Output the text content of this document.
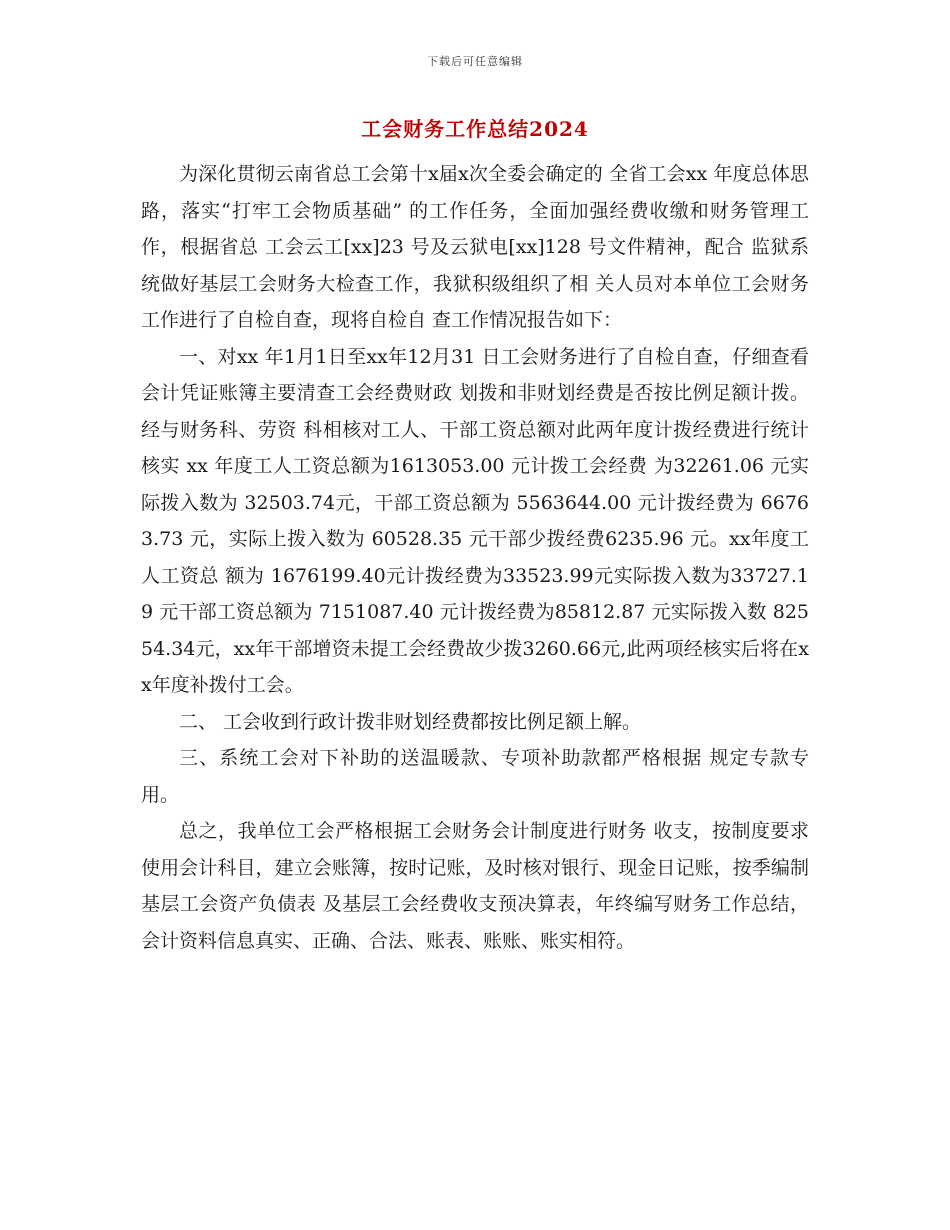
下载后可任意编辑
工会财务工作总结2024

为深化贯彻云南省总工会第十x届x次全委会确定的 全省工会xx 年度总体思路，落实“打牢工会物质基础” 的工作任务，全面加强经费收缴和财务管理工作，根据省总 工会云工[xx]23 号及云狱电[xx]128 号文件精神，配合 监狱系统做好基层工会财务大检查工作，我狱积级组织了相 关人员对本单位工会财务工作进行了自检自查，现将自检自 查工作情况报告如下：

一、对xx 年1月1日至xx年12月31 日工会财务进行了自检自查，仔细查看会计凭证账簿主要清查工会经费财政 划拨和非财划经费是否按比例足额计拨。经与财务科、劳资 科相核对工人、干部工资总额对此两年度计拨经费进行统计 核实 xx 年度工人工资总额为1613053.00 元计拨工会经费 为32261.06 元实际拨入数为 32503.74元，干部工资总额为 5563644.00 元计拨经费为 66763.73 元，实际上拨入数为 60528.35 元干部少拨经费6235.96 元。xx年度工人工资总 额为 1676199.40元计拨经费为33523.99元实际拨入数为33727.19 元干部工资总额为 7151087.40 元计拨经费为85812.87 元实际拨入数 82554.34元，xx年干部增资未提工会经费故少拨3260.66元,此两项经核实后将在xx年度补拨付工会。

二、 工会收到行政计拨非财划经费都按比例足额上解。

三、系统工会对下补助的送温暖款、专项补助款都严格根据 规定专款专用。

总之，我单位工会严格根据工会财务会计制度进行财务 收支，按制度要求使用会计科目，建立会账簿，按时记账，及时核对银行、现金日记账，按季编制基层工会资产负债表 及基层工会经费收支预决算表，年终编写财务工作总结，会计资料信息真实、正确、合法、账表、账账、账实相符。
